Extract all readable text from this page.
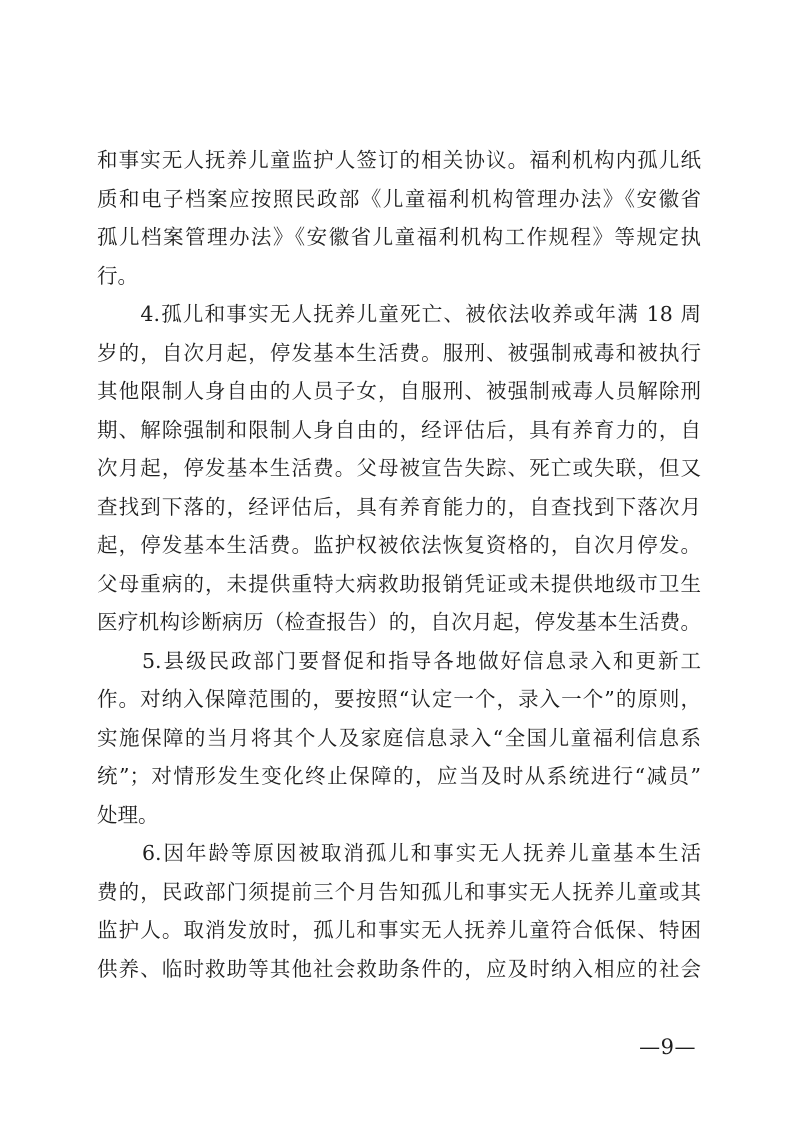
和事实无人抚养儿童监护人签订的相关协议。福利机构内孤儿纸
质和电子档案应按照民政部《儿童福利机构管理办法》《安徽省
孤儿档案管理办法》《安徽省儿童福利机构工作规程》等规定执
行。
　　4.孤儿和事实无人抚养儿童死亡、被依法收养或年满 18 周
岁的，自次月起，停发基本生活费。服刑、被强制戒毒和被执行
其他限制人身自由的人员子女，自服刑、被强制戒毒人员解除刑
期、解除强制和限制人身自由的，经评估后，具有养育力的，自
次月起，停发基本生活费。父母被宣告失踪、死亡或失联，但又
查找到下落的，经评估后，具有养育能力的，自查找到下落次月
起，停发基本生活费。监护权被依法恢复资格的，自次月停发。
父母重病的，未提供重特大病救助报销凭证或未提供地级市卫生
医疗机构诊断病历（检查报告）的，自次月起，停发基本生活费。
　　5.县级民政部门要督促和指导各地做好信息录入和更新工
作。对纳入保障范围的，要按照“认定一个，录入一个”的原则，
实施保障的当月将其个人及家庭信息录入“全国儿童福利信息系
统”；对情形发生变化终止保障的，应当及时从系统进行“减员”
处理。
　　6.因年龄等原因被取消孤儿和事实无人抚养儿童基本生活
费的，民政部门须提前三个月告知孤儿和事实无人抚养儿童或其
监护人。取消发放时，孤儿和事实无人抚养儿童符合低保、特困
供养、临时救助等其他社会救助条件的，应及时纳入相应的社会
—9—
